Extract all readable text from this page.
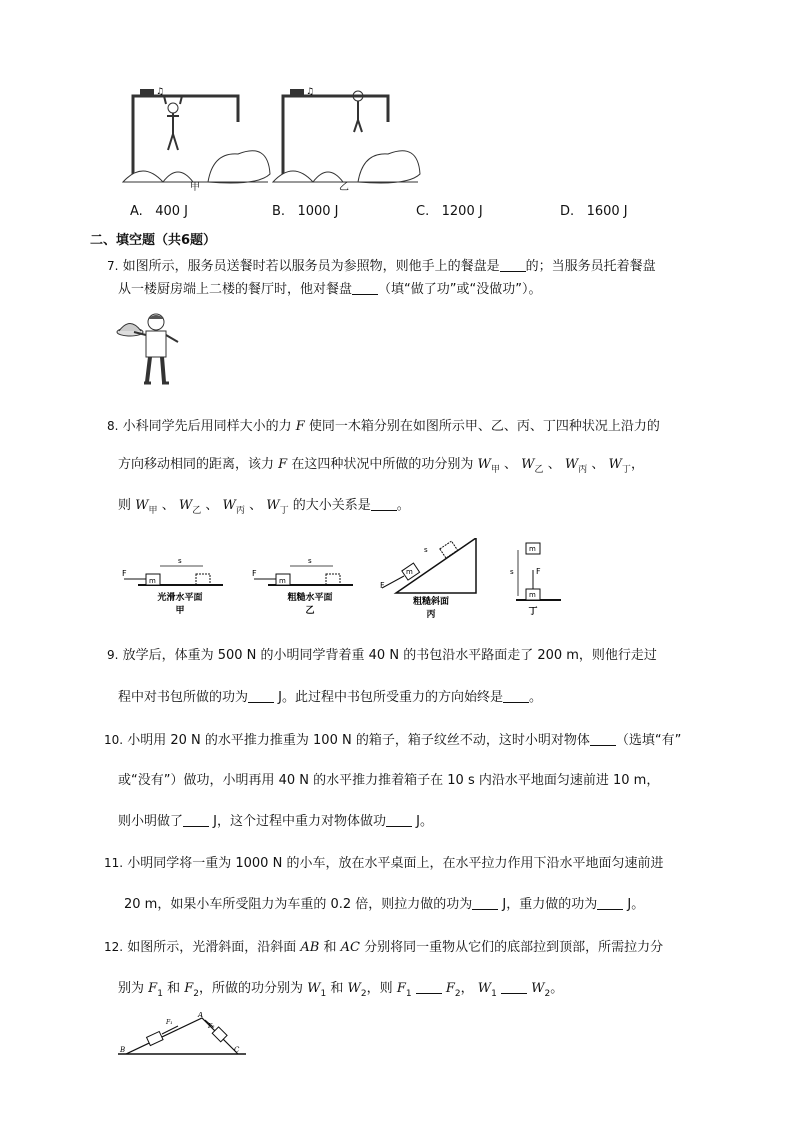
♫	♫
甲	乙
A. 400 J	B. 1000 J	C. 1200 J	D. 1600 J
二、填空题（共6题）
7. 如图所示，服务员送餐时若以服务员为参照物，则他手上的餐盘是 的；当服务员托着餐盘
从一楼厨房端上二楼的餐厅时，他对餐盘 （填“做了功”或“没做功”）。
8. 小科同学先后用同样大小的力 F 使同一木箱分别在如图所示甲、乙、丙、丁四种状况上沿力的
方向移动相同的距离，该力 F 在这四种状况中所做的功分别为 $W_甲$ 、 $W_乙$ 、 $W_丙$ 、 $W_丁$，
则 $W_甲$ 、 $W_乙$ 、 $W_丙$ 、 $W_丁$ 的大小关系是 。
m
F
s
光滑水平面
甲
m
F
s
粗糙水平面
乙
m
F
s
粗糙斜面
丙
m
m
F
s
丁
9. 放学后，体重为 500 N 的小明同学背着重 40 N 的书包沿水平路面走了 200 m，则他行走过
程中对书包所做的功为 J。此过程中书包所受重力的方向始终是 。
10. 小明用 20 N 的水平推力推重为 100 N 的箱子，箱子纹丝不动，这时小明对物体 （选填“有”
或“没有”）做功，小明再用 40 N 的水平推力推着箱子在 10 s 内沿水平地面匀速前进 10 m，
则小明做了 J，这个过程中重力对物体做功 J。
11. 小明同学将一重为 1000 N 的小车，放在水平桌面上，在水平拉力作用下沿水平地面匀速前进
20 m，如果小车所受阻力为车重的 0.2 倍，则拉力做的功为 J，重力做的功为 J。
12. 如图所示，光滑斜面，沿斜面 AB 和 AC 分别将同一重物从它们的底部拉到顶部，所需拉力分
别为 $F_1$ 和 $F_2$，所做的功分别为 $W_1$ 和 $W_2$，则 $F_1$	$F_2$， $W_1$	$W_2$。
A
B	C
F₁
F₂
